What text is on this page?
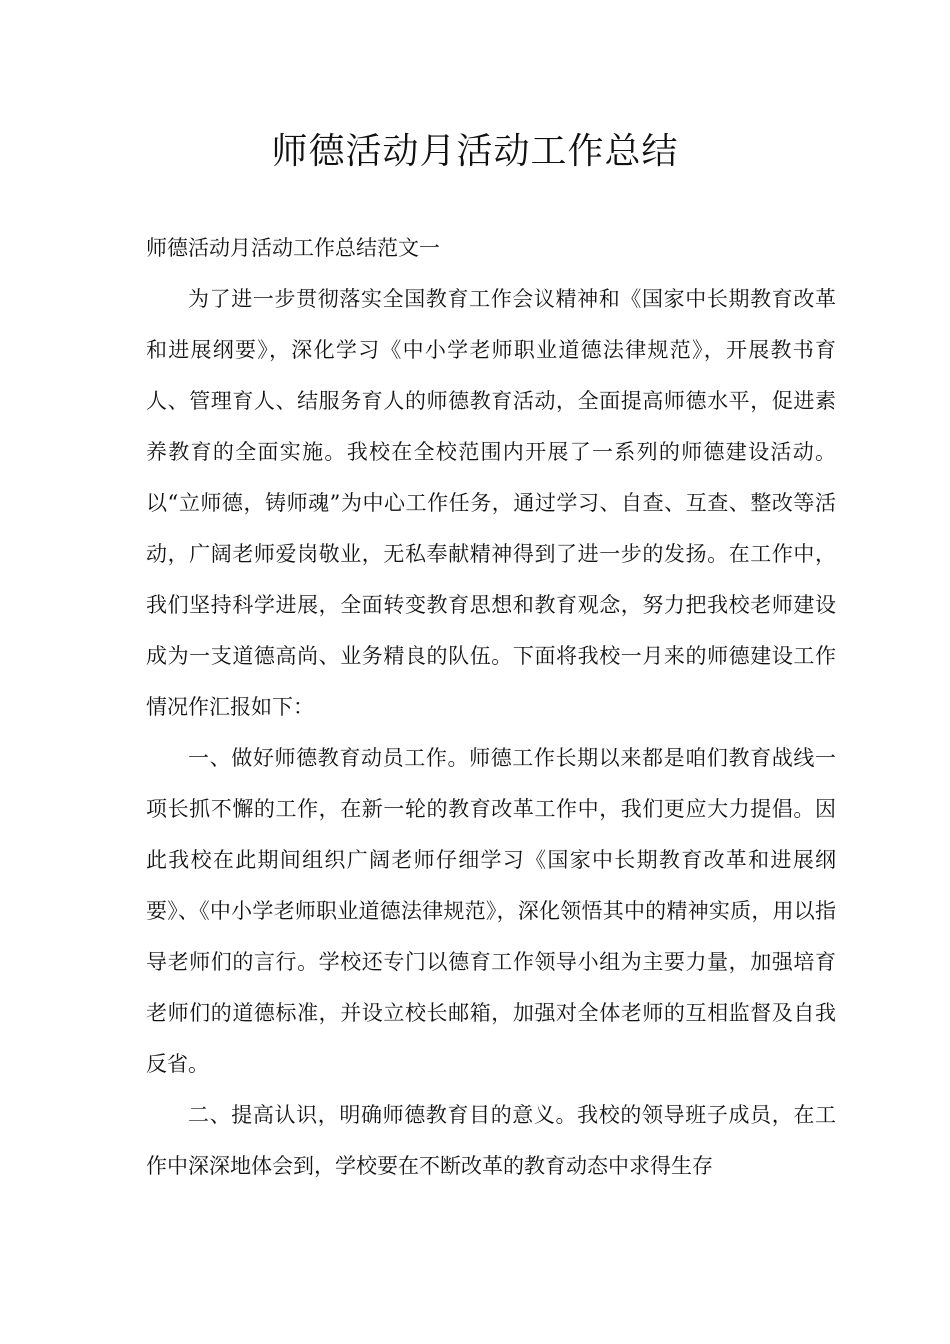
师德活动月活动工作总结

师德活动月活动工作总结范文一

为了进一步贯彻落实全国教育工作会议精神和《国家中长期教育改革和进展纲要》，深化学习《中小学老师职业道德法律规范》，开展教书育人、管理育人、结服务育人的师德教育活动，全面提高师德水平，促进素养教育的全面实施。我校在全校范围内开展了一系列的师德建设活动。以“立师德，铸师魂”为中心工作任务，通过学习、自查、互查、整改等活动，广阔老师爱岗敬业，无私奉献精神得到了进一步的发扬。在工作中，我们坚持科学进展，全面转变教育思想和教育观念，努力把我校老师建设成为一支道德高尚、业务精良的队伍。下面将我校一月来的师德建设工作情况作汇报如下：

一、做好师德教育动员工作。师德工作长期以来都是咱们教育战线一项长抓不懈的工作，在新一轮的教育改革工作中，我们更应大力提倡。因此我校在此期间组织广阔老师仔细学习《国家中长期教育改革和进展纲要》、《中小学老师职业道德法律规范》，深化领悟其中的精神实质，用以指导老师们的言行。学校还专门以德育工作领导小组为主要力量，加强培育老师们的道德标准，并设立校长邮箱，加强对全体老师的互相监督及自我反省。

二、提高认识，明确师德教育目的意义。我校的领导班子成员，在工作中深深地体会到，学校要在不断改革的教育动态中求得生存
